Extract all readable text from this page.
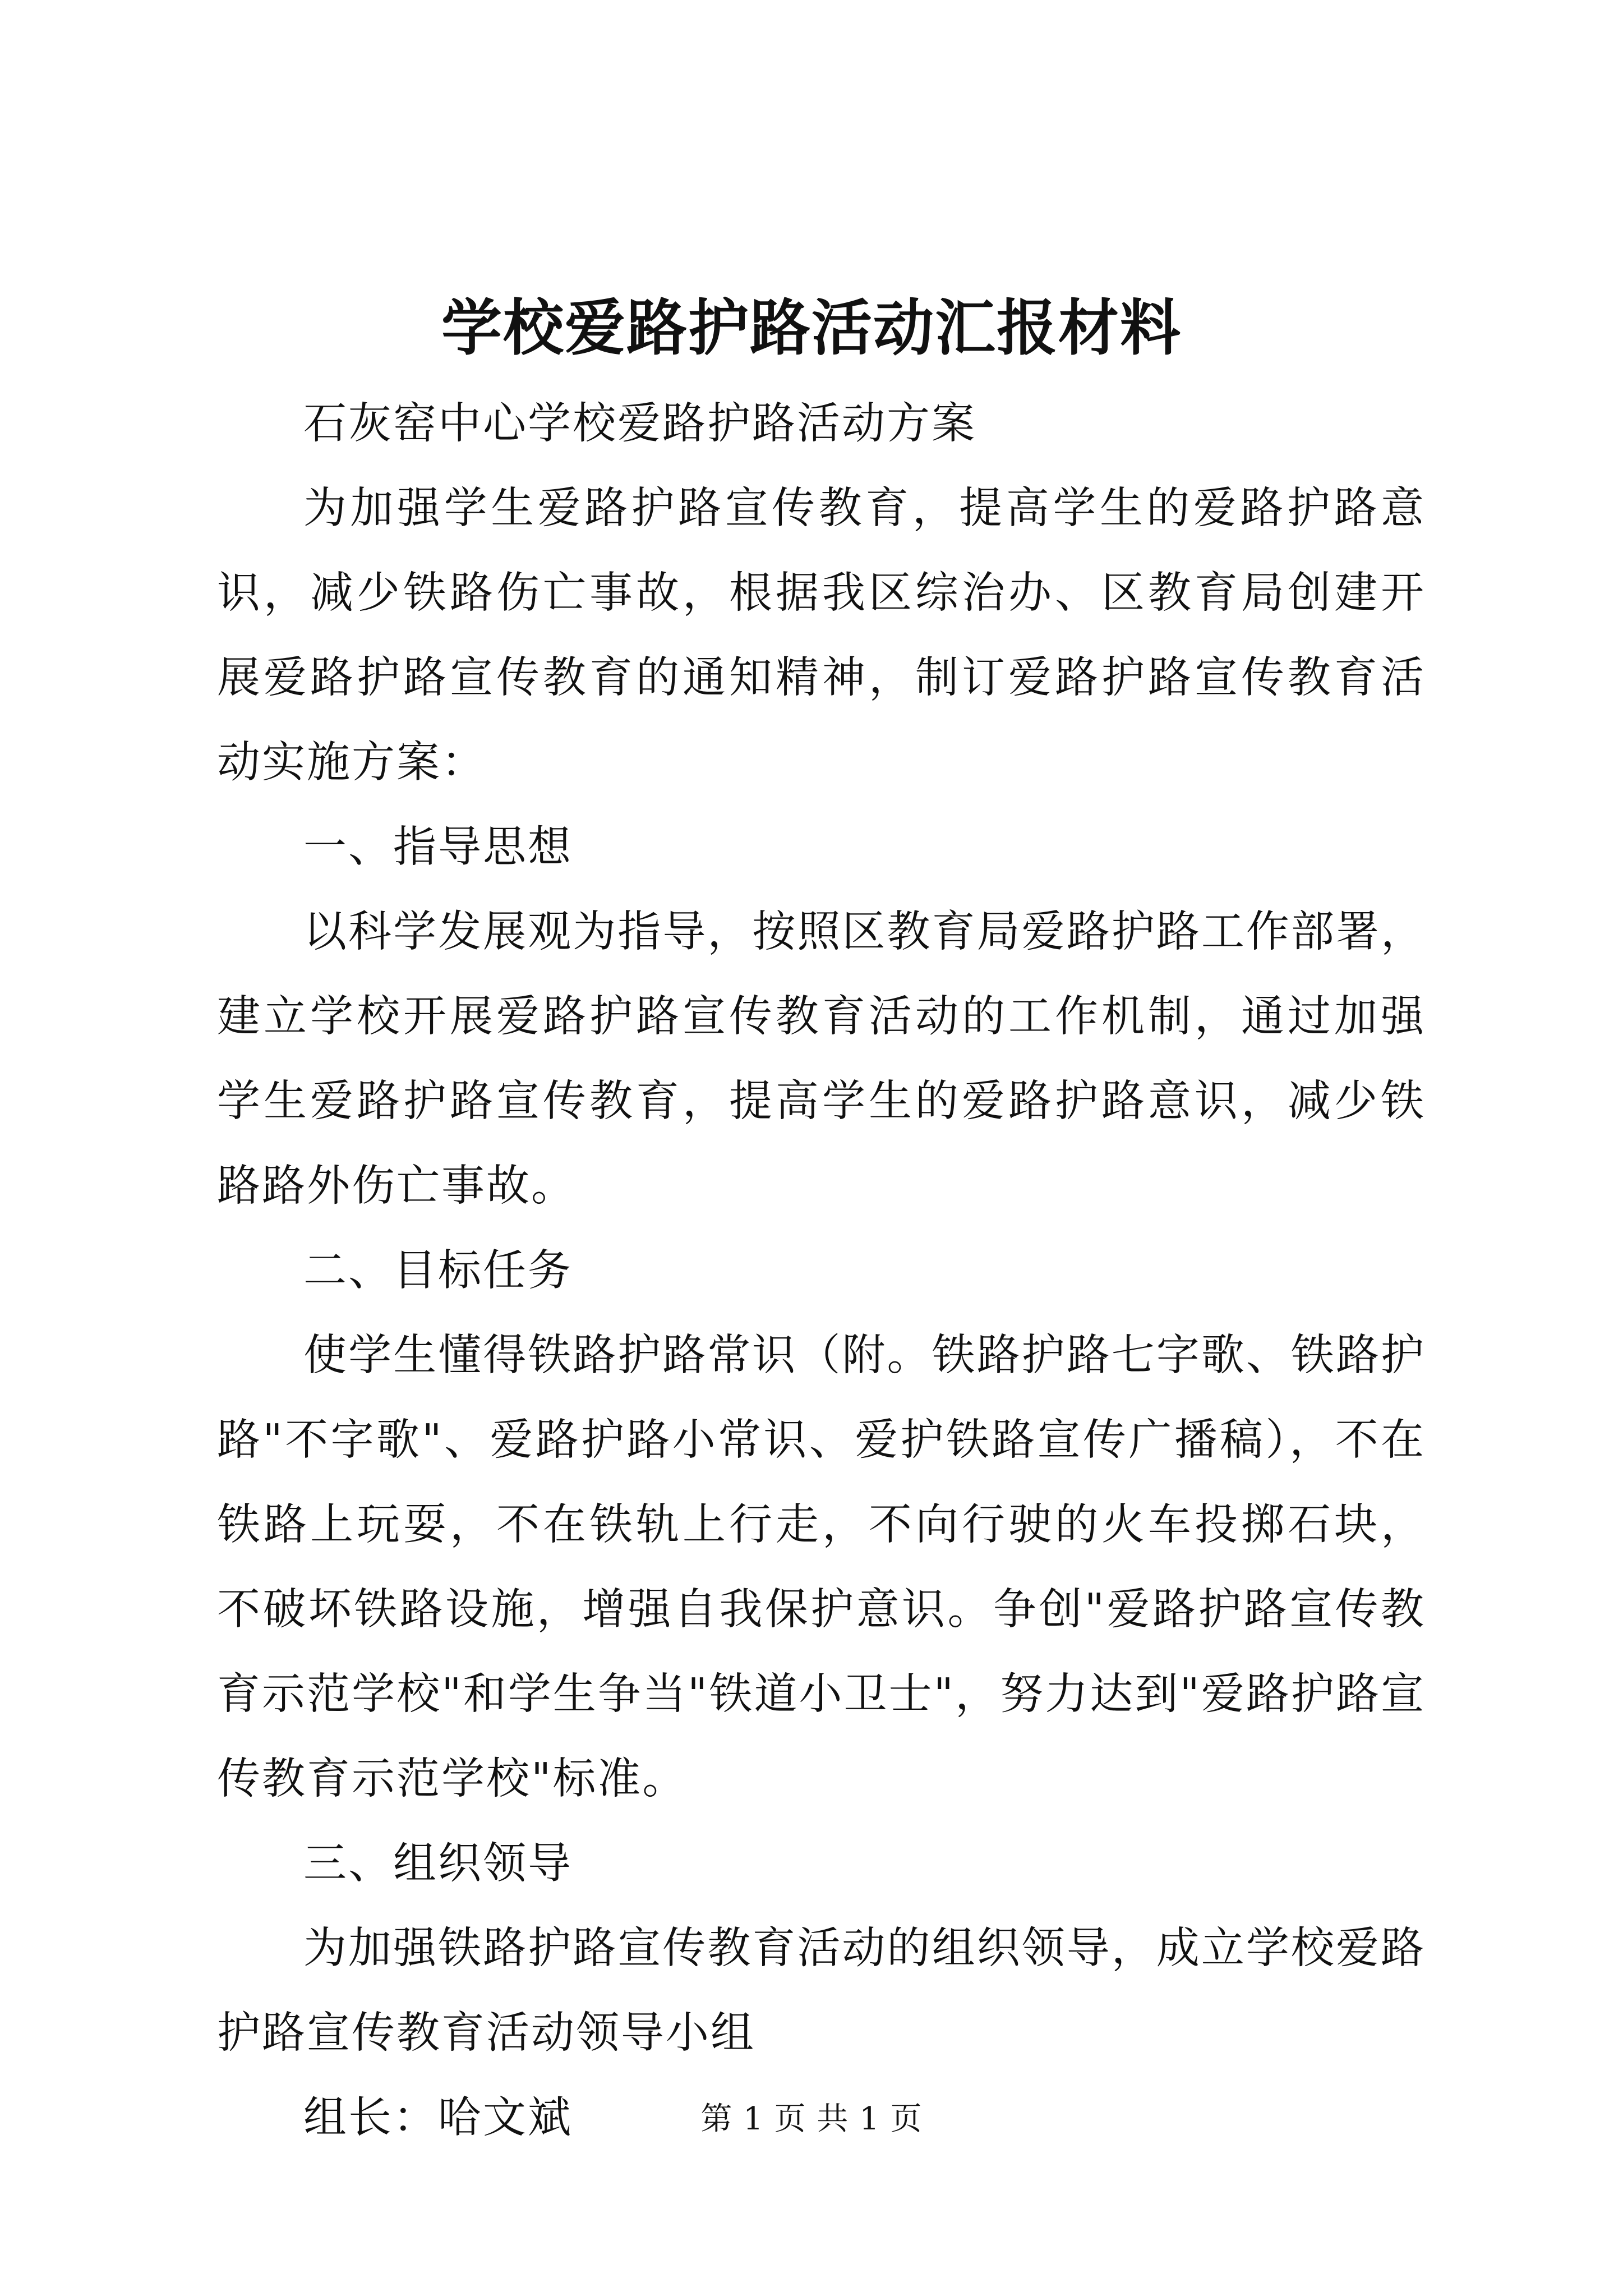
学校爱路护路活动汇报材料

石灰窑中心学校爱路护路活动方案

为加强学生爱路护路宣传教育，提高学生的爱路护路意识，减少铁路伤亡事故，根据我区综治办、区教育局创建开展爱路护路宣传教育的通知精神，制订爱路护路宣传教育活动实施方案：

一、指导思想

以科学发展观为指导，按照区教育局爱路护路工作部署，建立学校开展爱路护路宣传教育活动的工作机制，通过加强学生爱路护路宣传教育，提高学生的爱路护路意识，减少铁路路外伤亡事故。

二、目标任务

使学生懂得铁路护路常识（附。铁路护路七字歌、铁路护路"不字歌"、爱路护路小常识、爱护铁路宣传广播稿），不在铁路上玩耍，不在铁轨上行走，不向行驶的火车投掷石块，不破坏铁路设施，增强自我保护意识。争创"爱路护路宣传教育示范学校"和学生争当"铁道小卫士"，努力达到"爱路护路宣传教育示范学校"标准。

三、组织领导

为加强铁路护路宣传教育活动的组织领导，成立学校爱路护路宣传教育活动领导小组

组长：哈文斌	第 1 页 共 1 页
